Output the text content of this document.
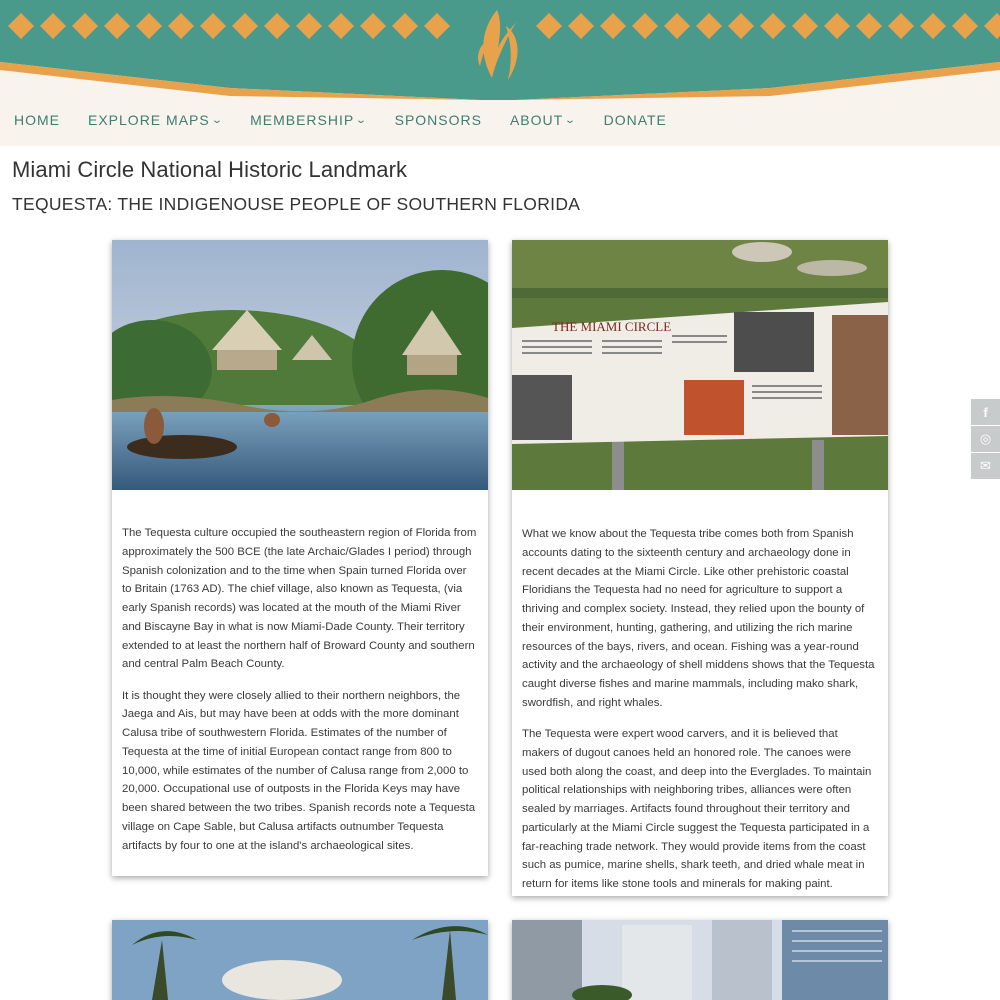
HOME EXPLORE MAPS ⌄ MEMBERSHIP ⌄ SPONSORS ABOUT ⌄ DONATE
Miami Circle National Historic Landmark
TEQUESTA: THE INDIGENOUSE PEOPLE OF SOUTHERN FLORIDA

The Tequesta culture occupied the southeastern region of Florida from approximately the 500 BCE (the late Archaic/Glades I period) through Spanish colonization and to the time when Spain turned Florida over to Britain (1763 AD). The chief village, also known as Tequesta, (via early Spanish records) was located at the mouth of the Miami River and Biscayne Bay in what is now Miami-Dade County. Their territory extended to at least the northern half of Broward County and southern and central Palm Beach County.

It is thought they were closely allied to their northern neighbors, the Jaega and Ais, but may have been at odds with the more dominant Calusa tribe of southwestern Florida. Estimates of the number of Tequesta at the time of initial European contact range from 800 to 10,000, while estimates of the number of Calusa range from 2,000 to 20,000. Occupational use of outposts in the Florida Keys may have been shared between the two tribes. Spanish records note a Tequesta village on Cape Sable, but Calusa artifacts outnumber Tequesta artifacts by four to one at the island's archaeological sites.

THE MIAMI CIRCLE

What we know about the Tequesta tribe comes both from Spanish accounts dating to the sixteenth century and archaeology done in recent decades at the Miami Circle. Like other prehistoric coastal Floridians the Tequesta had no need for agriculture to support a thriving and complex society. Instead, they relied upon the bounty of their environment, hunting, gathering, and utilizing the rich marine resources of the bays, rivers, and ocean. Fishing was a year-round activity and the archaeology of shell middens shows that the Tequesta caught diverse fishes and marine mammals, including mako shark, swordfish, and right whales.

The Tequesta were expert wood carvers, and it is believed that makers of dugout canoes held an honored role. The canoes were used both along the coast, and deep into the Everglades. To maintain political relationships with neighboring tribes, alliances were often sealed by marriages. Artifacts found throughout their territory and particularly at the Miami Circle suggest the Tequesta participated in a far-reaching trade network. They would provide items from the coast such as pumice, marine shells, shark teeth, and dried whale meat in return for items like stone tools and minerals for making paint.

f
◎
✉
